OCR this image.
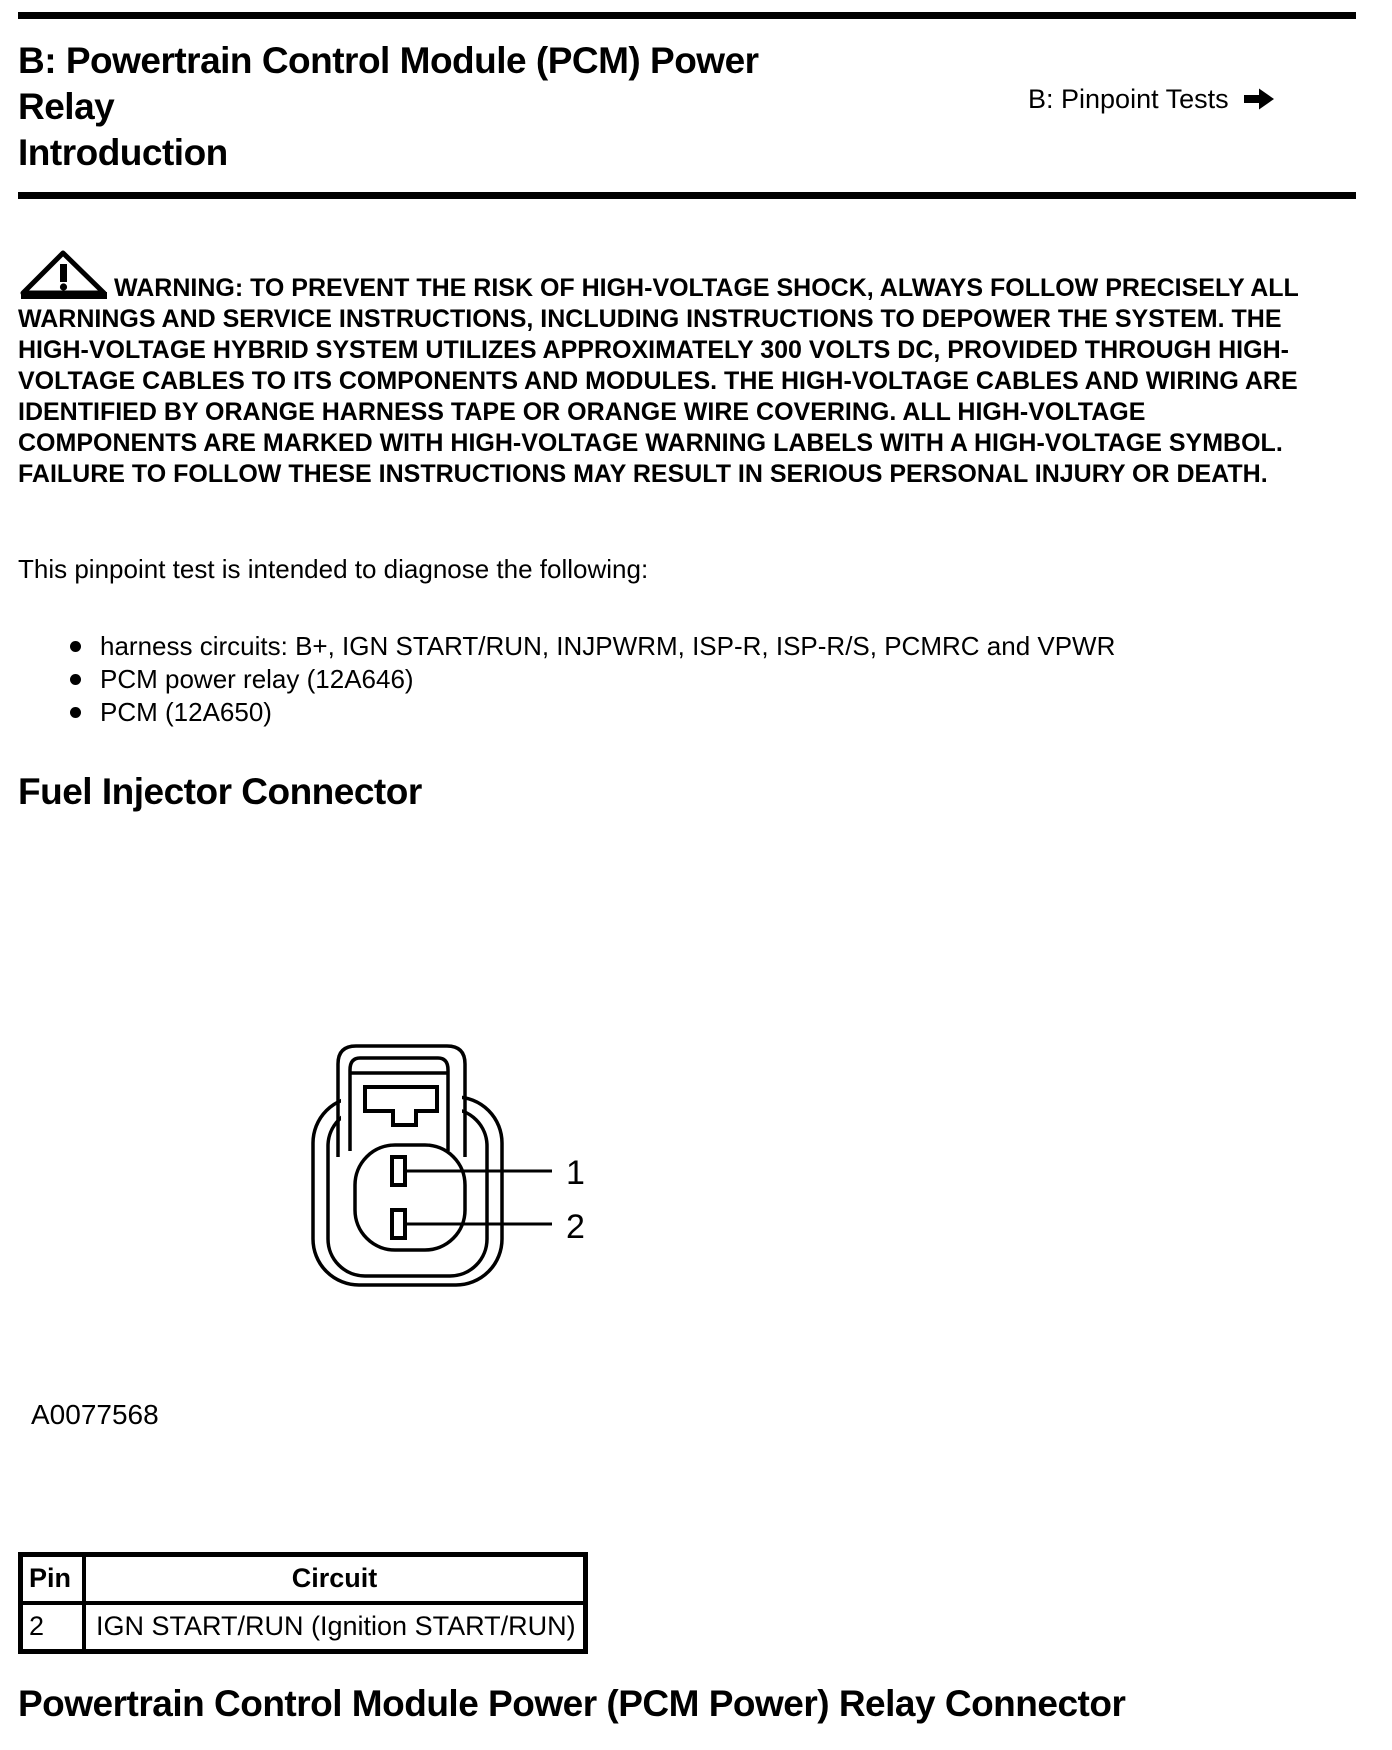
B: Powertrain Control Module (PCM) Power Relay
Introduction
B: Pinpoint Tests

WARNING: TO PREVENT THE RISK OF HIGH-VOLTAGE SHOCK, ALWAYS FOLLOW PRECISELY ALL WARNINGS AND SERVICE INSTRUCTIONS, INCLUDING INSTRUCTIONS TO DEPOWER THE SYSTEM. THE HIGH-VOLTAGE HYBRID SYSTEM UTILIZES APPROXIMATELY 300 VOLTS DC, PROVIDED THROUGH HIGH-VOLTAGE CABLES TO ITS COMPONENTS AND MODULES. THE HIGH-VOLTAGE CABLES AND WIRING ARE IDENTIFIED BY ORANGE HARNESS TAPE OR ORANGE WIRE COVERING. ALL HIGH-VOLTAGE COMPONENTS ARE MARKED WITH HIGH-VOLTAGE WARNING LABELS WITH A HIGH-VOLTAGE SYMBOL. FAILURE TO FOLLOW THESE INSTRUCTIONS MAY RESULT IN SERIOUS PERSONAL INJURY OR DEATH.

This pinpoint test is intended to diagnose the following:

harness circuits: B+, IGN START/RUN, INJPWRM, ISP-R, ISP-R/S, PCMRC and VPWR
PCM power relay (12A646)
PCM (12A650)
Fuel Injector Connector
1
2
A0077568
Pin	Circuit
2	IGN START/RUN (Ignition START/RUN)
Powertrain Control Module Power (PCM Power) Relay Connector
